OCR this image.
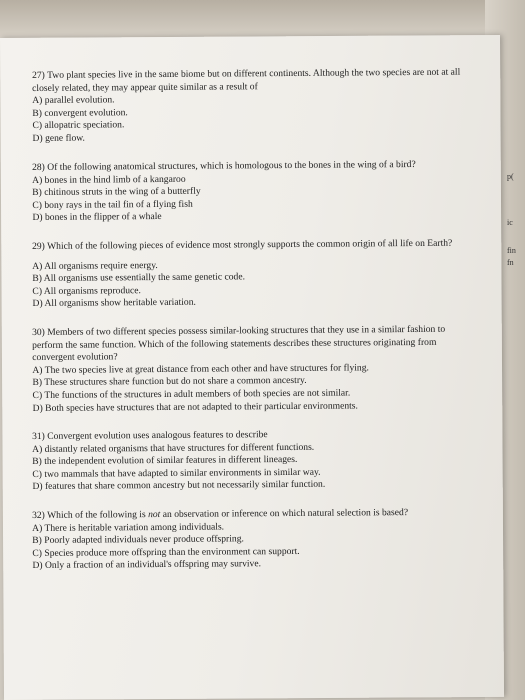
p(
ic
fin
fn
27) Two plant species live in the same biome but on different continents. Although the two species are not at all closely related, they may appear quite similar as a result of
A) parallel evolution.
B) convergent evolution.
C) allopatric speciation.
D) gene flow.
28) Of the following anatomical structures, which is homologous to the bones in the wing of a bird?
A) bones in the hind limb of a kangaroo
B) chitinous struts in the wing of a butterfly
C) bony rays in the tail fin of a flying fish
D) bones in the flipper of a whale
29) Which of the following pieces of evidence most strongly supports the common origin of all life on Earth?
A) All organisms require energy.
B) All organisms use essentially the same genetic code.
C) All organisms reproduce.
D) All organisms show heritable variation.
30) Members of two different species possess similar-looking structures that they use in a similar fashion to perform the same function. Which of the following statements describes these structures originating from convergent evolution?
A) The two species live at great distance from each other and have structures for flying.
B) These structures share function but do not share a common ancestry.
C) The functions of the structures in adult members of both species are not similar.
D) Both species have structures that are not adapted to their particular environments.
31) Convergent evolution uses analogous features to describe
A) distantly related organisms that have structures for different functions.
B) the independent evolution of similar features in different lineages.
C) two mammals that have adapted to similar environments in similar way.
D) features that share common ancestry but not necessarily similar function.
32) Which of the following is not an observation or inference on which natural selection is based?
A) There is heritable variation among individuals.
B) Poorly adapted individuals never produce offspring.
C) Species produce more offspring than the environment can support.
D) Only a fraction of an individual's offspring may survive.
